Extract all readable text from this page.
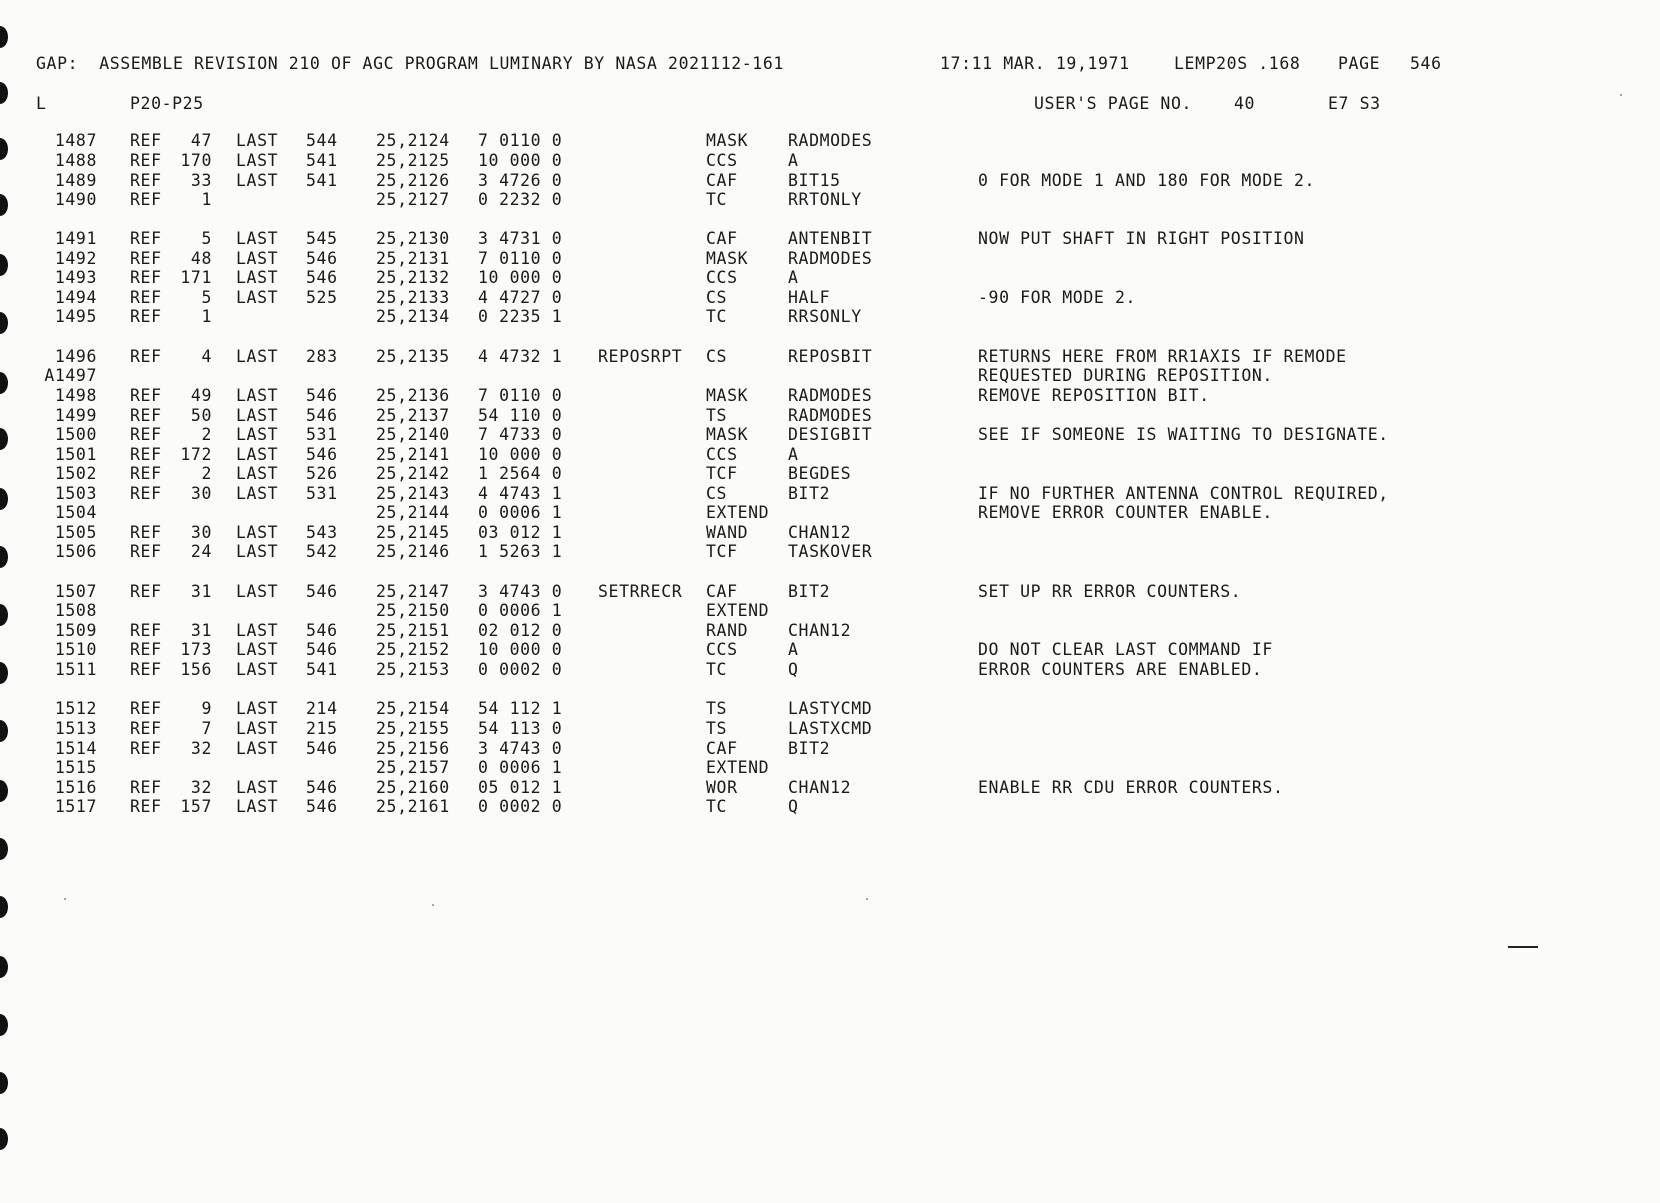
GAP:  ASSEMBLE REVISION 210 OF AGC PROGRAM LUMINARY BY NASA 2021112-161	17:11 MAR. 19,1971	LEMP20S .168 PAGE 546
L	P20-P25	USER'S PAGE NO.	40	E7 S3
1487 REF	47 LAST	544	25,2124	7 0110 0	MASK	RADMODES
1488 REF	170 LAST	541	25,2125	10 000 0	CCS	A
1489 REF	33 LAST	541	25,2126	3 4726 0	CAF	BIT15	0 FOR MODE 1 AND 180 FOR MODE 2.
1490 REF	1	25,2127	0 2232 0	TC	RRTONLY
1491 REF	5 LAST	545	25,2130	3 4731 0	CAF	ANTENBIT	NOW PUT SHAFT IN RIGHT POSITION
1492 REF	48 LAST	546	25,2131	7 0110 0	MASK	RADMODES
1493 REF	171 LAST	546	25,2132	10 000 0	CCS	A
1494 REF	5 LAST	525	25,2133	4 4727 0	CS	HALF	-90 FOR MODE 2.
1495 REF	1	25,2134	0 2235 1	TC	RRSONLY
1496 REF	4 LAST	283	25,2135	4 4732 1	REPOSRPT	CS	REPOSBIT	RETURNS HERE FROM RR1AXIS IF REMODE
A1497	REQUESTED DURING REPOSITION.
1498 REF	49 LAST	546	25,2136	7 0110 0	MASK	RADMODES	REMOVE REPOSITION BIT.
1499 REF	50 LAST	546	25,2137	54 110 0	TS	RADMODES
1500 REF	2 LAST	531	25,2140	7 4733 0	MASK	DESIGBIT	SEE IF SOMEONE IS WAITING TO DESIGNATE.
1501 REF	172 LAST	546	25,2141	10 000 0	CCS	A
1502 REF	2 LAST	526	25,2142	1 2564 0	TCF	BEGDES
1503 REF	30 LAST	531	25,2143	4 4743 1	CS	BIT2	IF NO FURTHER ANTENNA CONTROL REQUIRED,
1504	25,2144	0 0006 1	EXTEND	REMOVE ERROR COUNTER ENABLE.
1505 REF	30 LAST	543	25,2145	03 012 1	WAND	CHAN12
1506 REF	24 LAST	542	25,2146	1 5263 1	TCF	TASKOVER
1507 REF	31 LAST	546	25,2147	3 4743 0	SETRRECR	CAF	BIT2	SET UP RR ERROR COUNTERS.
1508	25,2150	0 0006 1	EXTEND
1509 REF	31 LAST	546	25,2151	02 012 0	RAND	CHAN12
1510 REF	173 LAST	546	25,2152	10 000 0	CCS	A	DO NOT CLEAR LAST COMMAND IF
1511 REF	156 LAST	541	25,2153	0 0002 0	TC	Q	ERROR COUNTERS ARE ENABLED.
1512 REF	9 LAST	214	25,2154	54 112 1	TS	LASTYCMD
1513 REF	7 LAST	215	25,2155	54 113 0	TS	LASTXCMD
1514 REF	32 LAST	546	25,2156	3 4743 0	CAF	BIT2
1515	25,2157	0 0006 1	EXTEND
1516 REF	32 LAST	546	25,2160	05 012 1	WOR	CHAN12	ENABLE RR CDU ERROR COUNTERS.
1517 REF	157 LAST	546	25,2161	0 0002 0	TC	Q
